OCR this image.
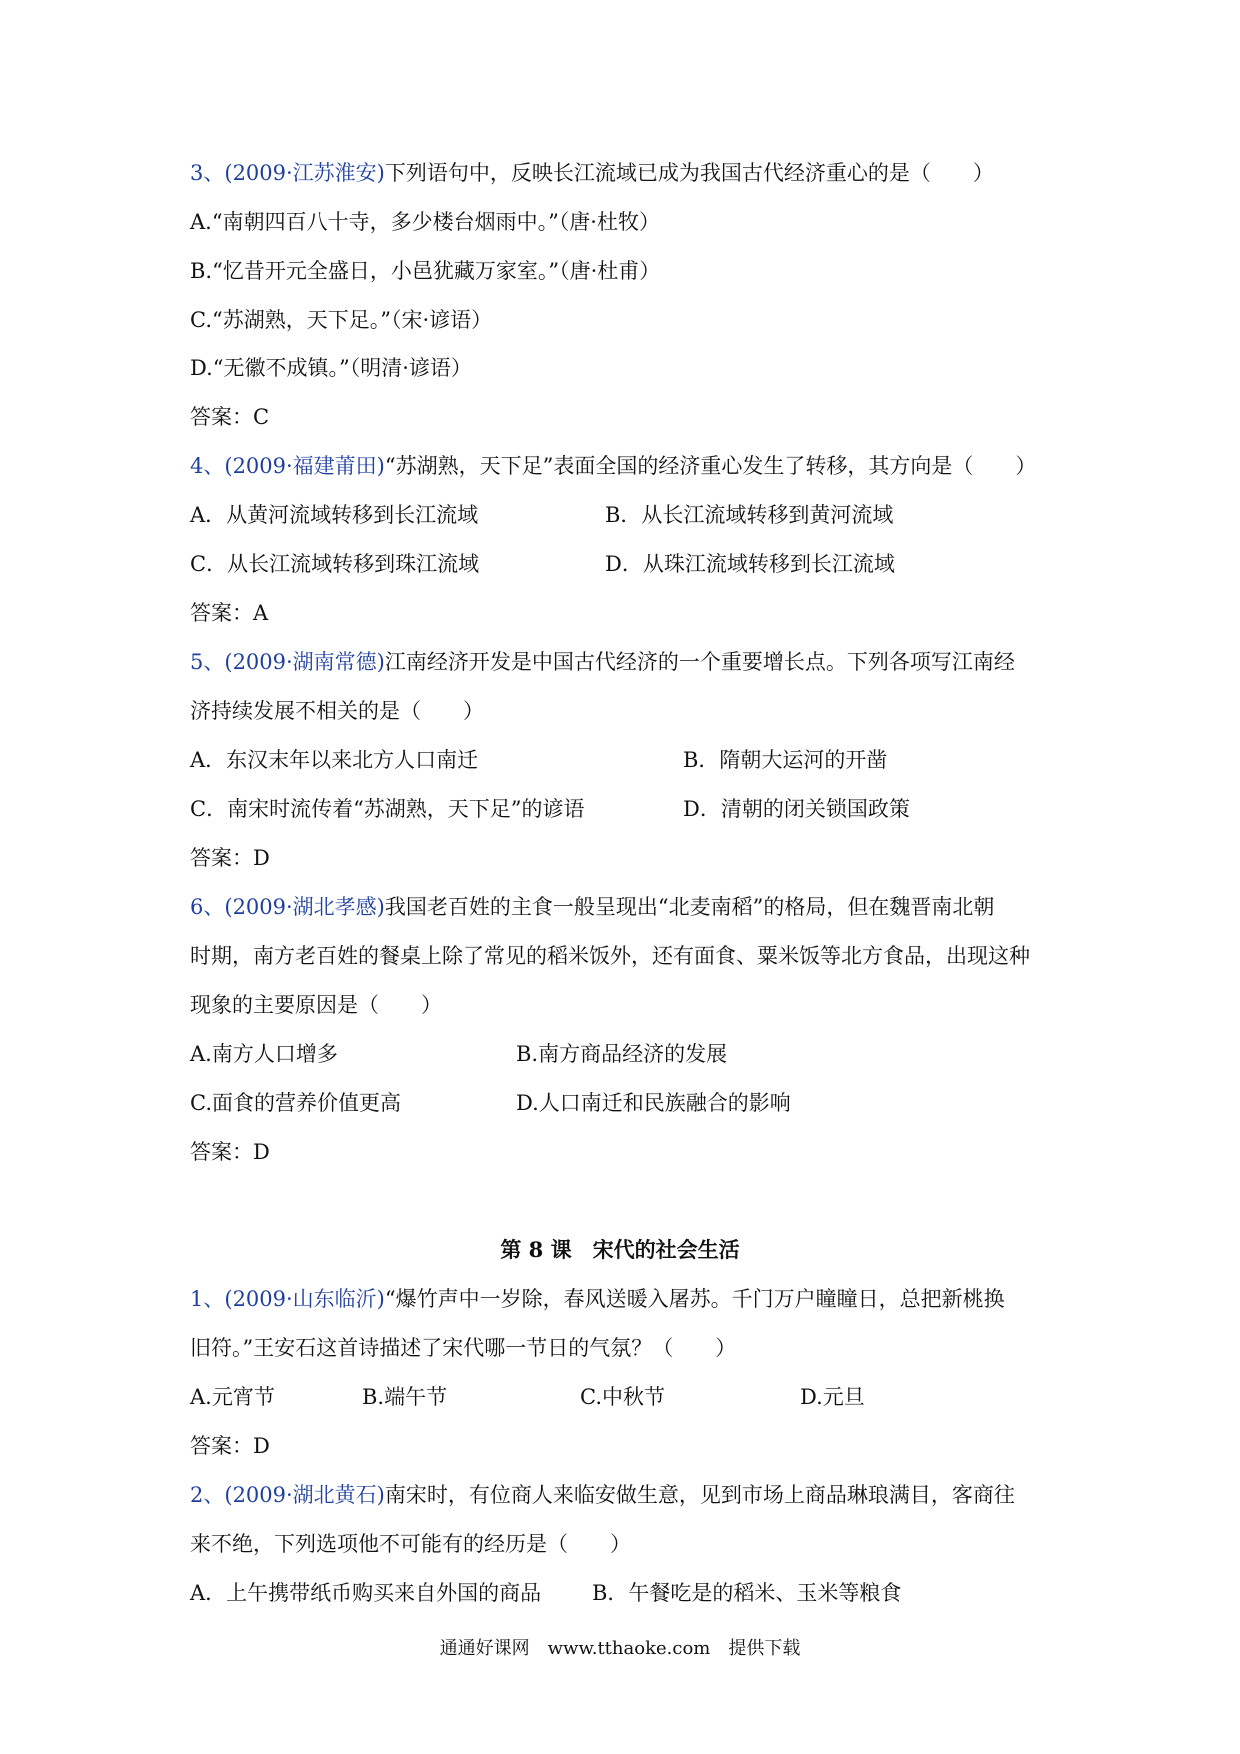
3、(2009·江苏淮安)下列语句中，反映长江流域已成为我国古代经济重心的是（　　）
A.“南朝四百八十寺，多少楼台烟雨中。”（唐·杜牧）
B.“忆昔开元全盛日，小邑犹藏万家室。”（唐·杜甫）
C.“苏湖熟，天下足。”（宋·谚语）
D.“无徽不成镇。”（明清·谚语）
答案：C
4、(2009·福建莆田)“苏湖熟，天下足”表面全国的经济重心发生了转移，其方向是（　　）
A．从黄河流域转移到长江流域	B．从长江流域转移到黄河流域
C．从长江流域转移到珠江流域	D．从珠江流域转移到长江流域
答案：A
5、(2009·湖南常德)江南经济开发是中国古代经济的一个重要增长点。下列各项写江南经
济持续发展不相关的是（　　）
A．东汉末年以来北方人口南迁	B．隋朝大运河的开凿
C．南宋时流传着“苏湖熟，天下足”的谚语	D．清朝的闭关锁国政策
答案：D
6、(2009·湖北孝感)我国老百姓的主食一般呈现出“北麦南稻”的格局，但在魏晋南北朝
时期，南方老百姓的餐桌上除了常见的稻米饭外，还有面食、粟米饭等北方食品，出现这种
现象的主要原因是（　　）
A.南方人口增多	B.南方商品经济的发展
C.面食的营养价值更高	D.人口南迁和民族融合的影响
答案：D
第 8 课　宋代的社会生活
1、(2009·山东临沂)“爆竹声中一岁除，春风送暖入屠苏。千门万户瞳瞳日，总把新桃换
旧符。”王安石这首诗描述了宋代哪一节日的气氛？（　　）
A.元宵节	B.端午节	C.中秋节	D.元旦
答案：D
2、(2009·湖北黄石)南宋时，有位商人来临安做生意，见到市场上商品琳琅满目，客商往
来不绝，下列选项他不可能有的经历是（　　）
A．上午携带纸币购买来自外国的商品 B．午餐吃是的稻米、玉米等粮食
通通好课网　www.tthaoke.com　提供下载
